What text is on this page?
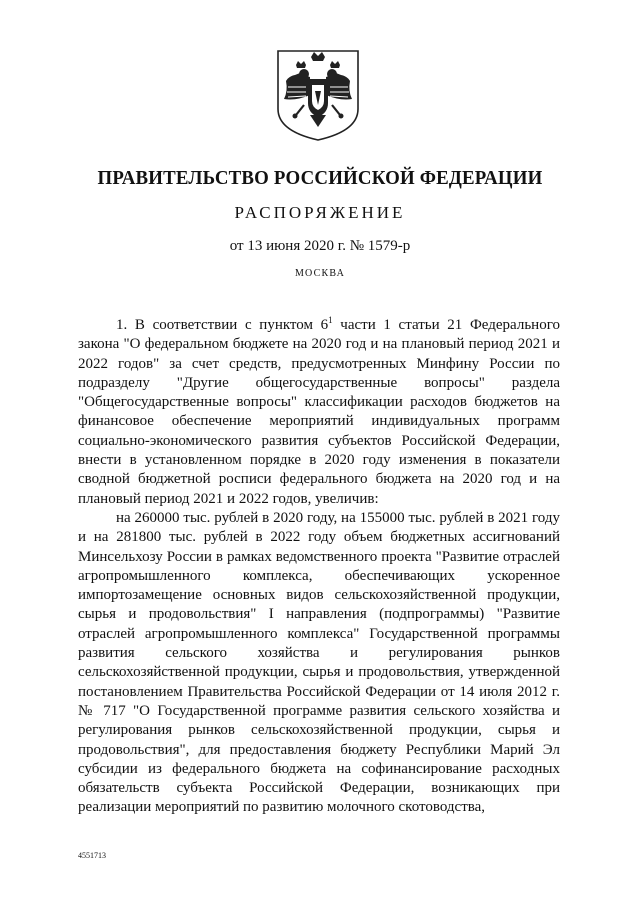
ПРАВИТЕЛЬСТВО РОССИЙСКОЙ ФЕДЕРАЦИИ
РАСПОРЯЖЕНИЕ
от 13 июня 2020 г. № 1579-р
МОСКВА

1. В соответствии с пунктом $6^1$ части 1 статьи 21 Федерального закона "О федеральном бюджете на 2020 год и на плановый период 2021 и 2022 годов" за счет средств, предусмотренных Минфину России по подразделу "Другие общегосударственные вопросы" раздела "Общегосударственные вопросы" классификации расходов бюджетов на финансовое обеспечение мероприятий индивидуальных программ социально-экономического развития субъектов Российской Федерации, внести в установленном порядке в 2020 году изменения в показатели сводной бюджетной росписи федерального бюджета на 2020 год и на плановый период 2021 и 2022 годов, увеличив:

на 260000 тыс. рублей в 2020 году, на 155000 тыс. рублей в 2021 году и на 281800 тыс. рублей в 2022 году объем бюджетных ассигнований Минсельхозу России в рамках ведомственного проекта "Развитие отраслей агропромышленного комплекса, обеспечивающих ускоренное импортозамещение основных видов сельскохозяйственной продукции, сырья и продовольствия" I направления (подпрограммы) "Развитие отраслей агропромышленного комплекса" Государственной программы развития сельского хозяйства и регулирования рынков сельскохозяйственной продукции, сырья и продовольствия, утвержденной постановлением Правительства Российской Федерации от 14 июля 2012 г. № 717 "О Государственной программе развития сельского хозяйства и регулирования рынков сельскохозяйственной продукции, сырья и продовольствия", для предоставления бюджету Республики Марий Эл субсидии из федерального бюджета на софинансирование расходных обязательств субъекта Российской Федерации, возникающих при реализации мероприятий по развитию молочного скотоводства,

4551713
